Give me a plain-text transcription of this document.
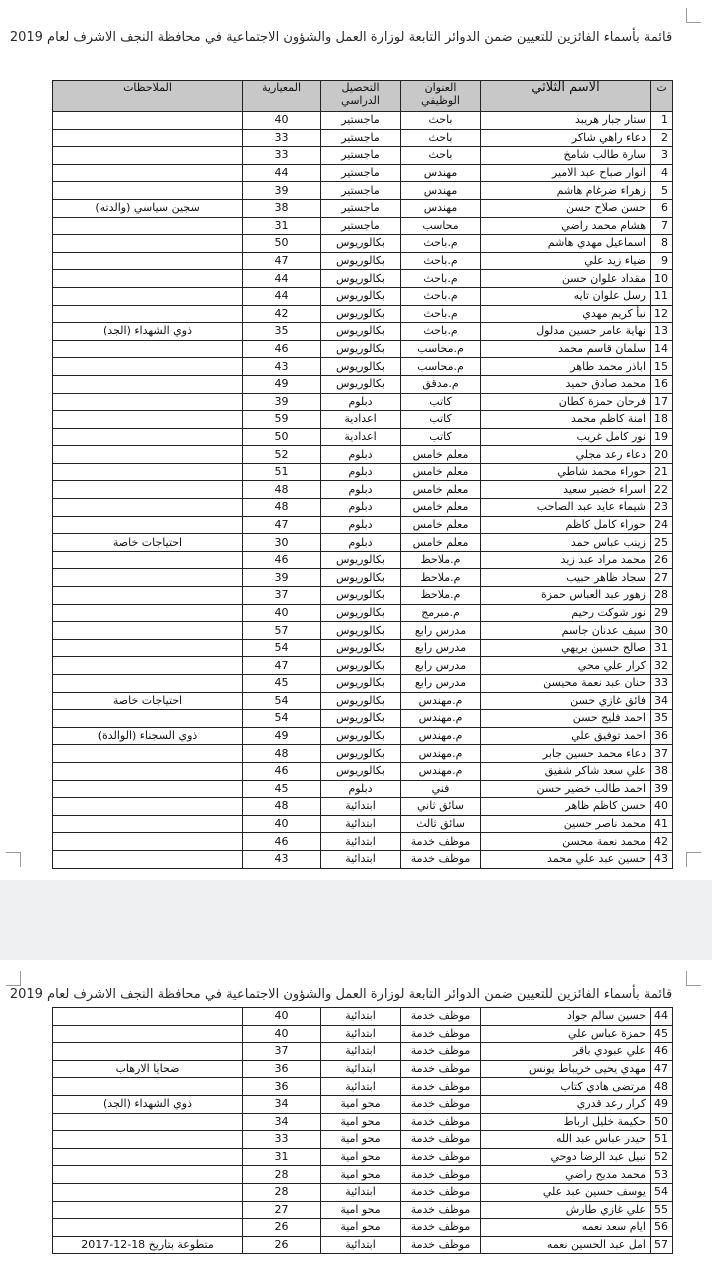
قائمة بأسماء الفائزين للتعيين ضمن الدوائر التابعة لوزارة العمل والشؤون الاجتماعية في محافظة النجف الاشرف لعام 2019
ت	الاسم الثلاثي	العنوان الوظيفي	التحصيل الدراسي	المعيارية	الملاحظات
1	ستار جبار هريبد	باحث	ماجستير	40	
2	دعاء راهي شاكر	باحث	ماجستير	33	
3	سارة طالب شامخ	باحث	ماجستير	33	
4	انوار صباح عبد الامير	مهندس	ماجستير	44	
5	زهراء ضرغام هاشم	مهندس	ماجستير	39	
6	حسن صلاح حسن	مهندس	ماجستير	38	سجين سياسي (والدته)
7	هشام محمد راضي	محاسب	ماجستير	31	
8	اسماعيل مهدي هاشم	م.باحث	بكالوريوس	50	
9	ضياء زيد علي	م.باحث	بكالوريوس	47	
10	مقداد علوان حسن	م.باحث	بكالوريوس	44	
11	رسل علوان تايه	م.باحث	بكالوريوس	44	
12	نبأ كريم مهدي	م.باحث	بكالوريوس	42	
13	نهاية عامر حسين مدلول	م.باحث	بكالوريوس	35	ذوي الشهداء (الجد)
14	سلمان قاسم محمد	م.محاسب	بكالوريوس	46	
15	اباذر محمد طاهر	م.محاسب	بكالوريوس	43	
16	محمد صادق حميد	م.مدقق	بكالوريوس	49	
17	فرحان حمزة كطان	كاتب	دبلوم	39	
18	امنة كاظم محمد	كاتب	اعدادية	59	
19	نور كامل غريب	كاتب	اعدادية	50	
20	دعاء رعد مجلي	معلم خامس	دبلوم	52	
21	حوراء محمد شاطي	معلم خامس	دبلوم	51	
22	اسراء خضير سعيد	معلم خامس	دبلوم	48	
23	شيماء عايد عبد الصاحب	معلم خامس	دبلوم	48	
24	حوراء كامل كاظم	معلم خامس	دبلوم	47	
25	زينب عباس حمد	معلم خامس	دبلوم	30	احتياجات خاصة
26	محمد مراد عبد زيد	م.ملاحظ	بكالوريوس	46	
27	سجاد ظاهر حبيب	م.ملاحظ	بكالوريوس	39	
28	زهور عبد العباس حمزة	م.ملاحظ	بكالوريوس	37	
29	نور شوكت رحيم	م.مبرمج	بكالوريوس	40	
30	سيف عدنان جاسم	مدرس رابع	بكالوريوس	57	
31	صالح حسين بريهي	مدرس رابع	بكالوريوس	54	
32	كرار علي محي	مدرس رابع	بكالوريوس	47	
33	حنان عبد نعمة محيسن	مدرس رابع	بكالوريوس	45	
34	فائق غازي حسن	م.مهندس	بكالوريوس	54	احتياجات خاصة
35	احمد فليح حسن	م.مهندس	بكالوريوس	54	
36	احمد توفيق علي	م.مهندس	بكالوريوس	49	ذوي السجناء (الوالدة)
37	دعاء محمد حسين جابر	م.مهندس	بكالوريوس	48	
38	علي سعد شاكر شفيق	م.مهندس	بكالوريوس	46	
39	احمد طالب خضير حسن	فني	دبلوم	45	
40	حسن كاظم ظاهر	سائق ثاني	ابتدائية	48	
41	محمد ناصر حسين	سائق ثالث	ابتدائية	40	
42	محمد نعمة محسن	موظف خدمة	ابتدائية	46	
43	حسين عبد علي محمد	موظف خدمة	ابتدائية	43	
قائمة بأسماء الفائزين للتعيين ضمن الدوائر التابعة لوزارة العمل والشؤون الاجتماعية في محافظة النجف الاشرف لعام 2019
44	حسين سالم جواد	موظف خدمة	ابتدائية	40	
45	حمزة عباس علي	موظف خدمة	ابتدائية	40	
46	علي عبودي باقر	موظف خدمة	ابتدائية	37	
47	مهدي يحيى خريباط يونس	موظف خدمة	ابتدائية	36	ضحايا الارهاب
48	مرتضى هادي كتاب	موظف خدمة	ابتدائية	36	
49	كرار رعد قدري	موظف خدمة	محو امية	34	ذوي الشهداء (الجد)
50	حكيمة خليل ارباط	موظف خدمة	محو امية	34	
51	حيدر عباس عبد الله	موظف خدمة	محو امية	33	
52	نبيل عبد الرضا دوحي	موظف خدمة	محو امية	31	
53	محمد مديح راضي	موظف خدمة	محو امية	28	
54	يوسف حسين عبد علي	موظف خدمة	ابتدائية	28	
55	علي غازي طارش	موظف خدمة	محو امية	27	
56	ايام سعد نعمه	موظف خدمة	محو امية	26	
57	امل عبد الحسين نعمه	موظف خدمة	ابتدائية	26	متطوعة بتاريخ 18-12-2017
